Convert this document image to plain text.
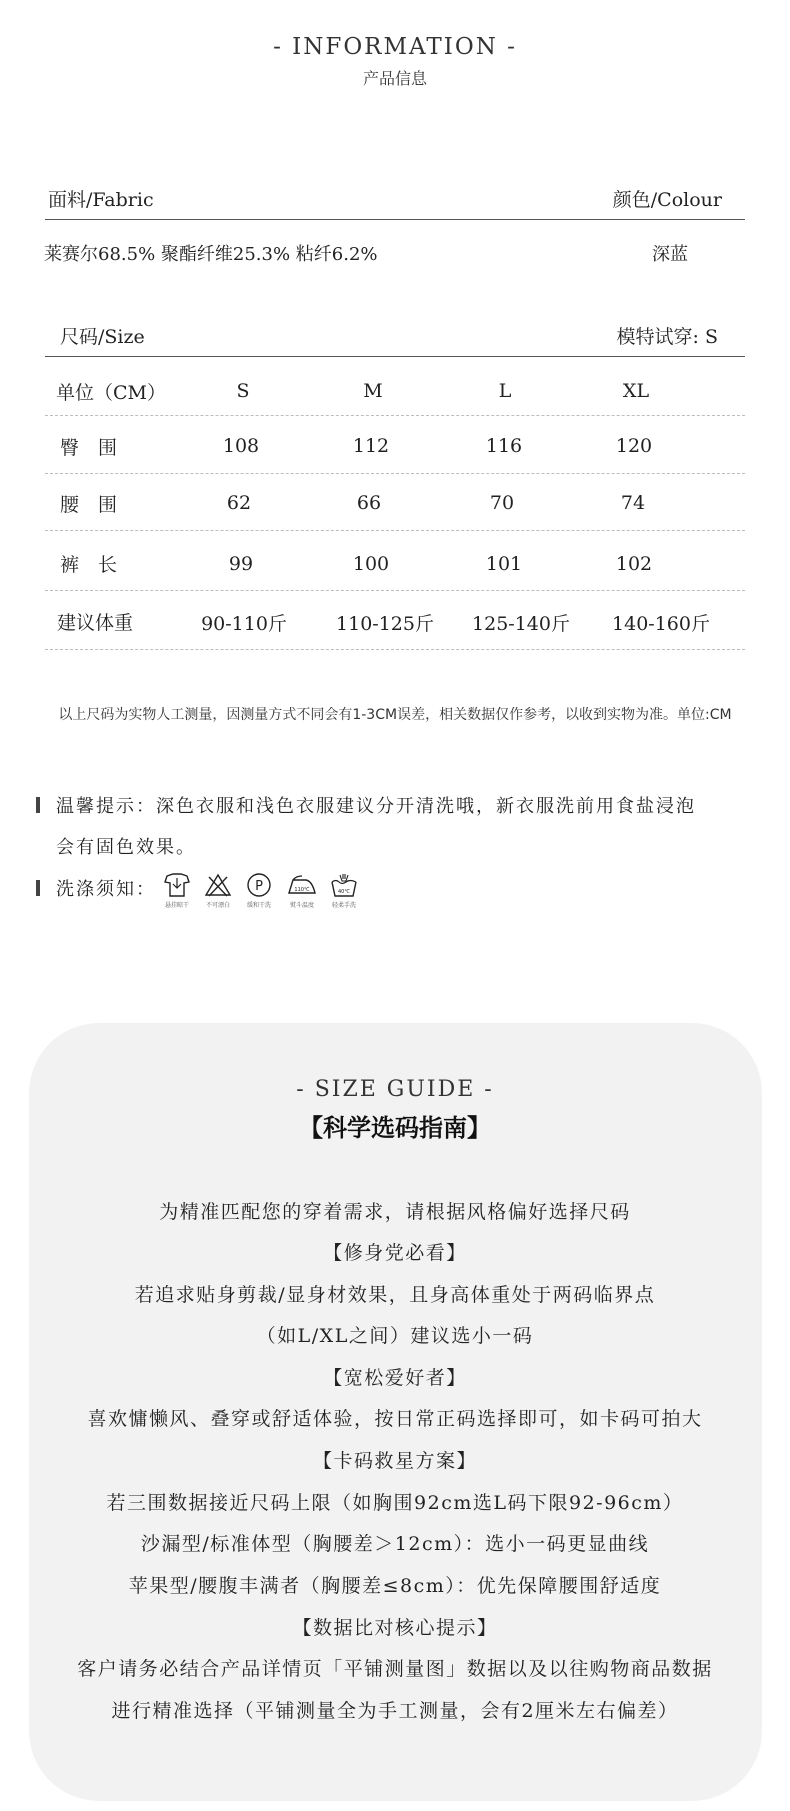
- INFORMATION -
产品信息
面料/Fabric	颜色/Colour
莱赛尔68.5% 聚酯纤维25.3% 粘纤6.2%	深蓝
尺码/Size	模特试穿: S
单位（CM）	S	M	L	XL
臀　围	108	112	116	120
腰　围	62	66	70	74
裤　长	99	100	101	102
建议体重	90-110斤	110-125斤	125-140斤	140-160斤
以上尺码为实物人工测量，因测量方式不同会有1-3CM误差，相关数据仅作参考，以收到实物为准。单位:CM
温馨提示：深色衣服和浅色衣服建议分开清洗哦，新衣服洗前用食盐浸泡
会有固色效果。
洗涤须知：
悬挂晾干	不可漂白
P
缓和干洗
110℃
熨斗温度
40℃
轻柔手洗
- SIZE GUIDE -
【科学选码指南】
为精准匹配您的穿着需求，请根据风格偏好选择尺码
【修身党必看】
若追求贴身剪裁/显身材效果，且身高体重处于两码临界点
（如L/XL之间）建议选小一码
【宽松爱好者】
喜欢慵懒风、叠穿或舒适体验，按日常正码选择即可，如卡码可拍大
【卡码救星方案】
若三围数据接近尺码上限（如胸围92cm选L码下限92-96cm）
沙漏型/标准体型（胸腰差＞12cm）：选小一码更显曲线
苹果型/腰腹丰满者（胸腰差≤8cm）：优先保障腰围舒适度
【数据比对核心提示】
客户请务必结合产品详情页「平铺测量图」数据以及以往购物商品数据
进行精准选择（平铺测量全为手工测量，会有2厘米左右偏差）
